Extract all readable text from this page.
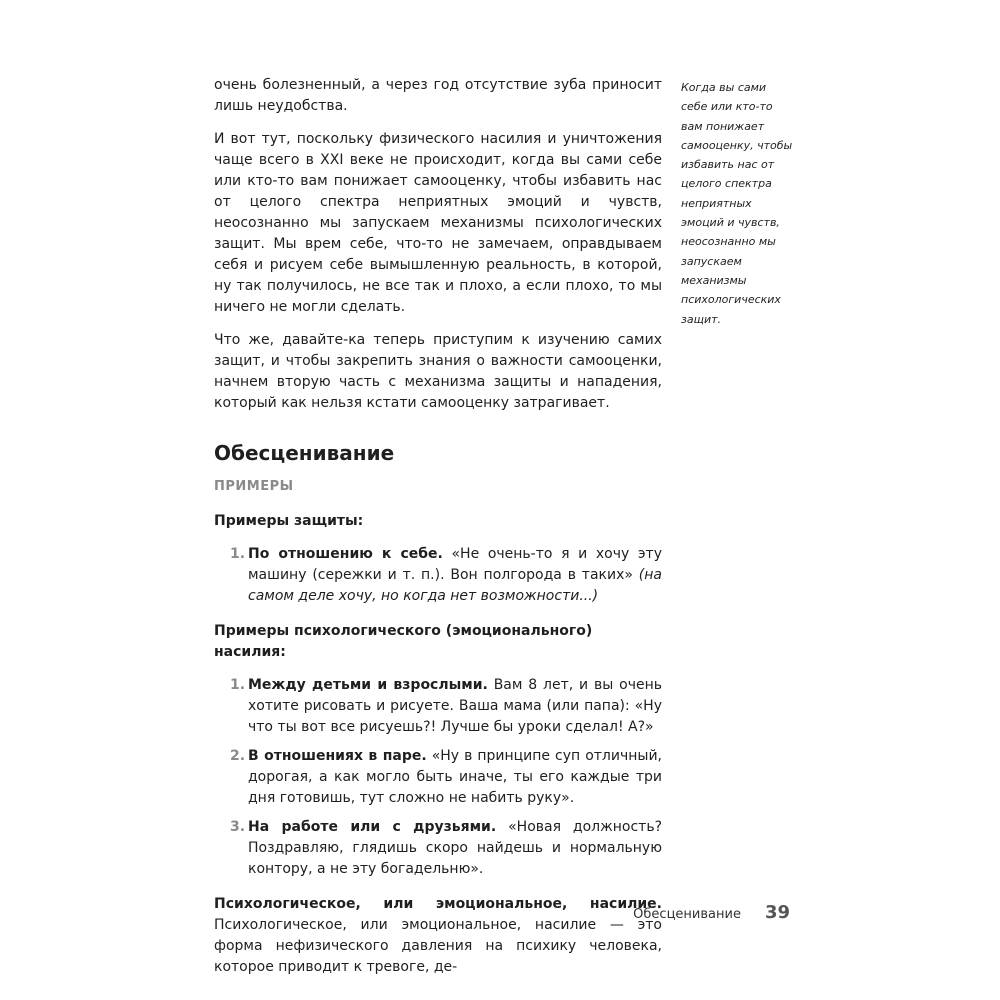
очень болезненный, а через год отсутствие зуба приносит лишь неудобства.

И вот тут, поскольку физического насилия и уничтожения чаще всего в XXI веке не происходит, когда вы сами себе или кто-то вам понижает самооценку, чтобы избавить нас от целого спектра неприятных эмоций и чувств, неосознанно мы запускаем механизмы психологических защит. Мы врем себе, что-то не замечаем, оправдываем себя и рисуем себе вымышленную реальность, в которой, ну так получилось, не все так и плохо, а если плохо, то мы ничего не могли сделать.

Что же, давайте-ка теперь приступим к изучению самих защит, и чтобы закрепить знания о важности самооценки, начнем вторую часть с механизма защиты и нападения, который как нельзя кстати самооценку затрагивает.

Обесценивание
ПРИМЕРЫ
Примеры защиты:
1. По отношению к себе. «Не очень-то я и хочу эту машину (сережки и т. п.). Вон полгорода в таких» (на самом деле хочу, но когда нет возможности...)
Примеры психологического (эмоционального) насилия:
1. Между детьми и взрослыми. Вам 8 лет, и вы очень хотите рисовать и рисуете. Ваша мама (или папа): «Ну что ты вот все рисуешь?! Лучше бы уроки сделал! А?»
2. В отношениях в паре. «Ну в принципе суп отличный, дорогая, а как могло быть иначе, ты его каждые три дня готовишь, тут сложно не набить руку».
3. На работе или с друзьями. «Новая должность? Поздравляю, глядишь скоро найдешь и нормальную контору, а не эту богадельню».

Психологическое, или эмоциональное, насилие. Психологическое, или эмоциональное, насилие — это форма нефизического давления на психику человека, которое приводит к тревоге, де-

Когда вы сами себе или кто-то вам понижает самооценку, чтобы избавить нас от целого спектра неприятных эмоций и чувств, неосознанно мы запускаем механизмы психологических защит.
Обесценивание 39
